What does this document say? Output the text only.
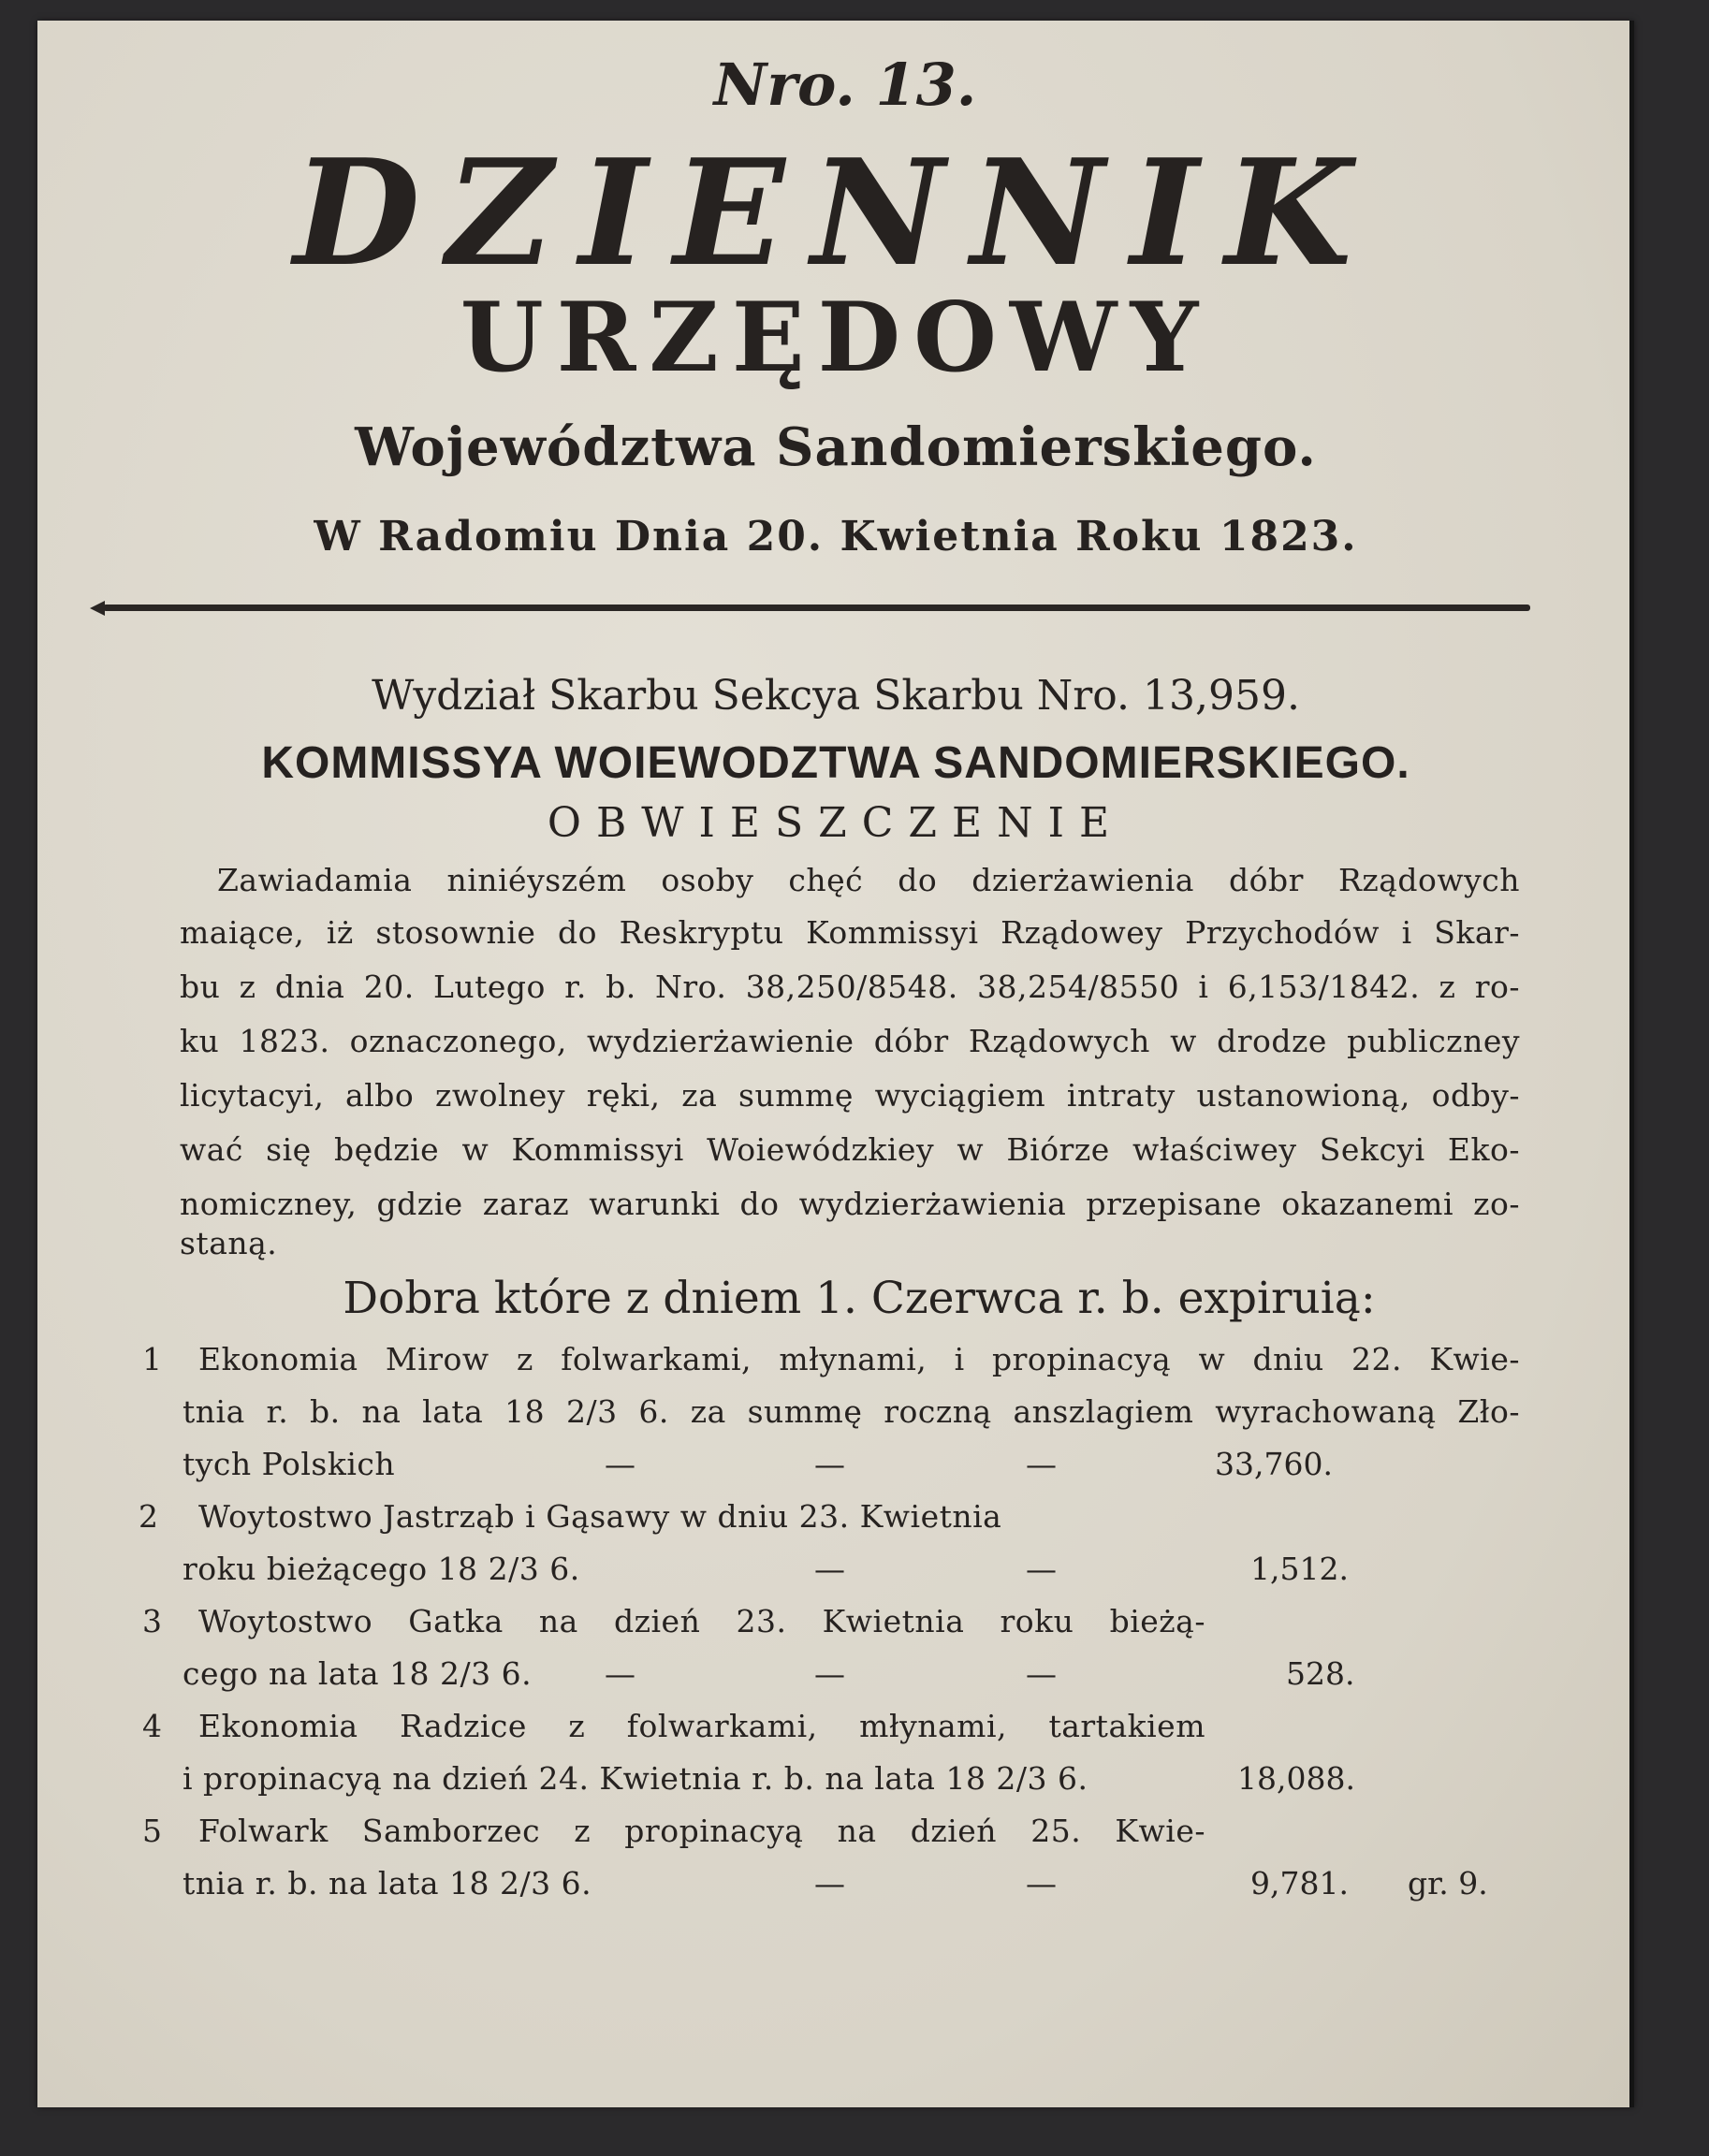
Nro. 13.
DZIENNIK
URZĘDOWY
Województwa Sandomierskiego.
W Radomiu Dnia 20. Kwietnia Roku 1823.
Wydział Skarbu Sekcya Skarbu Nro. 13,959.
KOMMISSYA WOIEWODZTWA SANDOMIERSKIEGO.
OBWIESZCZENIE
Zawiadamia niniéyszém osoby chęć do dzierżawienia dóbr Rządowych
maiące, iż stosownie do Reskryptu Kommissyi Rządowey Przychodów i Skar-
bu z dnia 20. Lutego r. b. Nro. 38,250/8548. 38,254/8550 i 6,153/1842. z ro-
ku 1823. oznaczonego, wydzierżawienie dóbr Rządowych w drodze publiczney
licytacyi, albo zwolney ręki, za summę wyciągiem intraty ustanowioną, odby-
wać się będzie w Kommissyi Woiewódzkiey w Biórze właściwey Sekcyi Eko-
nomiczney, gdzie zaraz warunki do wydzierżawienia przepisane okazanemi zo-
staną.
Dobra które z dniem 1. Czerwca r. b. expiruią:
1 Ekonomia Mirow z folwarkami, młynami, i propinacyą w dniu 22. Kwie-
tnia r. b. na lata 18 2/3 6. za summę roczną anszlagiem wyrachowaną Zło-
tych Polskich	—	—	—	33,760.
2 Woytostwo Jastrząb i Gąsawy w dniu 23. Kwietnia
roku bieżącego 18 2/3 6.	—	—	1,512.
3 Woytostwo Gatka na dzień 23. Kwietnia roku bieżą-
cego na lata 18 2/3 6. —	—	—	528.
4 Ekonomia Radzice z folwarkami, młynami, tartakiem
i propinacyą na dzień 24. Kwietnia r. b. na lata 18 2/3 6.	18,088.
5 Folwark Samborzec z propinacyą na dzień 25. Kwie-
tnia r. b. na lata 18 2/3 6.	—	—	9,781. gr. 9.
